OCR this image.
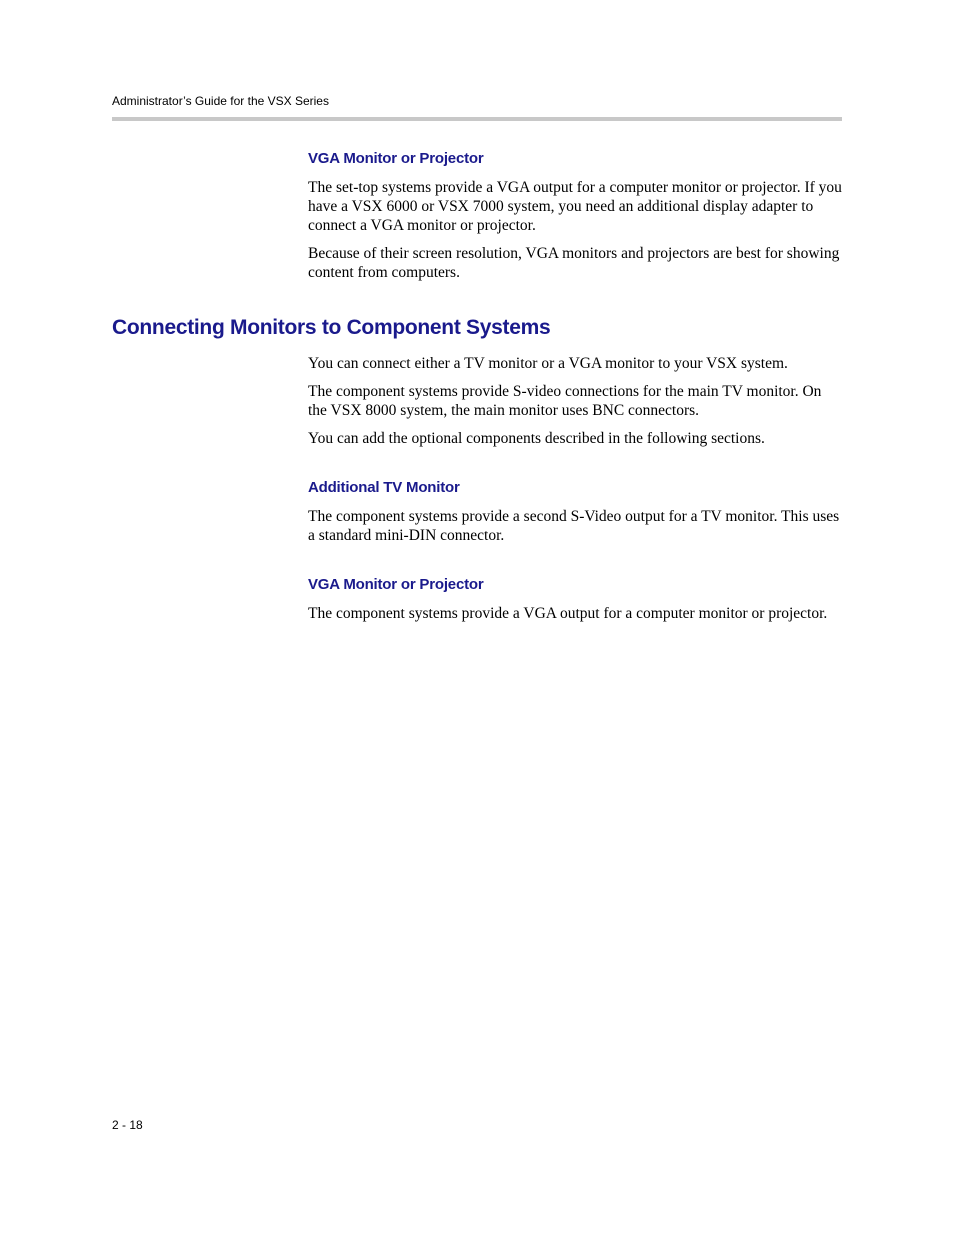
Administrator’s Guide for the VSX Series
VGA Monitor or Projector

The set-top systems provide a VGA output for a computer monitor or projector. If you have a VSX 6000 or VSX 7000 system, you need an additional display adapter to connect a VGA monitor or projector.

Because of their screen resolution, VGA monitors and projectors are best for showing content from computers.

Connecting Monitors to Component Systems

You can connect either a TV monitor or a VGA monitor to your VSX system.

The component systems provide S-video connections for the main TV monitor. On the VSX 8000 system, the main monitor uses BNC connectors.

You can add the optional components described in the following sections.

Additional TV Monitor

The component systems provide a second S-Video output for a TV monitor. This uses a standard mini-DIN connector.

VGA Monitor or Projector

The component systems provide a VGA output for a computer monitor or projector.

2 - 18
